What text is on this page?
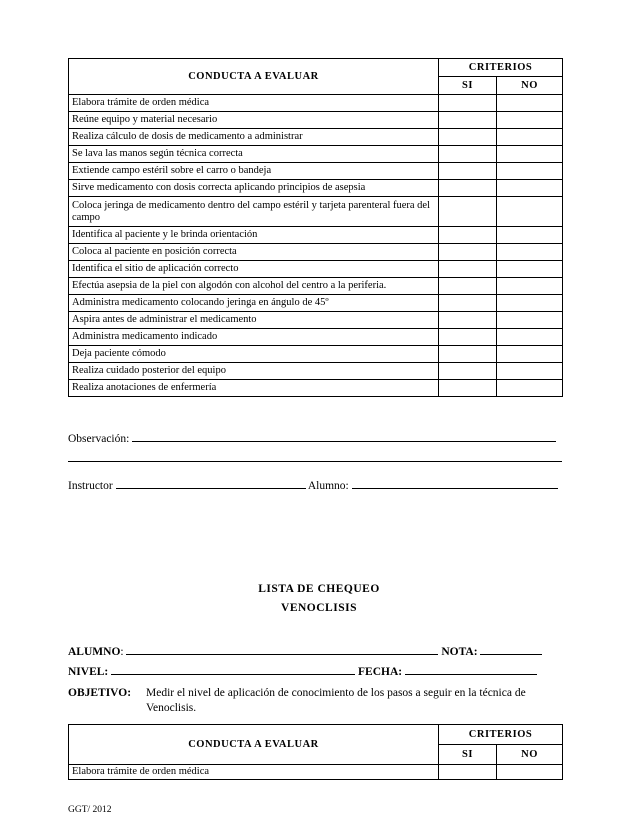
CONDUCTA A EVALUAR	CRITERIOS	
	SI	NO
Elabora trámite de orden médica		
Reúne equipo y material necesario		
Realiza cálculo de dosis de medicamento a administrar		
Se lava las manos según técnica correcta		
Extiende campo estéril sobre el carro o bandeja		
Sirve medicamento con dosis correcta aplicando principios de asepsia		
Coloca jeringa de medicamento dentro del campo estéril y tarjeta parenteral fuera del campo		
Identifica al paciente y le brinda orientación		
Coloca al paciente en posición correcta		
Identifica el sitio de aplicación correcto		
Efectúa asepsia de la piel con algodón con alcohol del centro a la periferia.		
Administra medicamento colocando jeringa en ángulo de 45º		
Aspira antes de administrar el medicamento		
Administra medicamento indicado		
Deja paciente cómodo		
Realiza cuidado posterior del equipo		
Realiza anotaciones de enfermería		
Observación:
Instructor	Alumno:
LISTA DE CHEQUEO
VENOCLISIS
ALUMNO:	NOTA:
NIVEL:	FECHA:
OBJETIVO: Medir el nivel de aplicación de conocimiento de los pasos a seguir en la técnica de
Venoclisis.
CONDUCTA A EVALUAR	CRITERIOS	
	SI	NO
Elabora trámite de orden médica		
GGT/ 2012
